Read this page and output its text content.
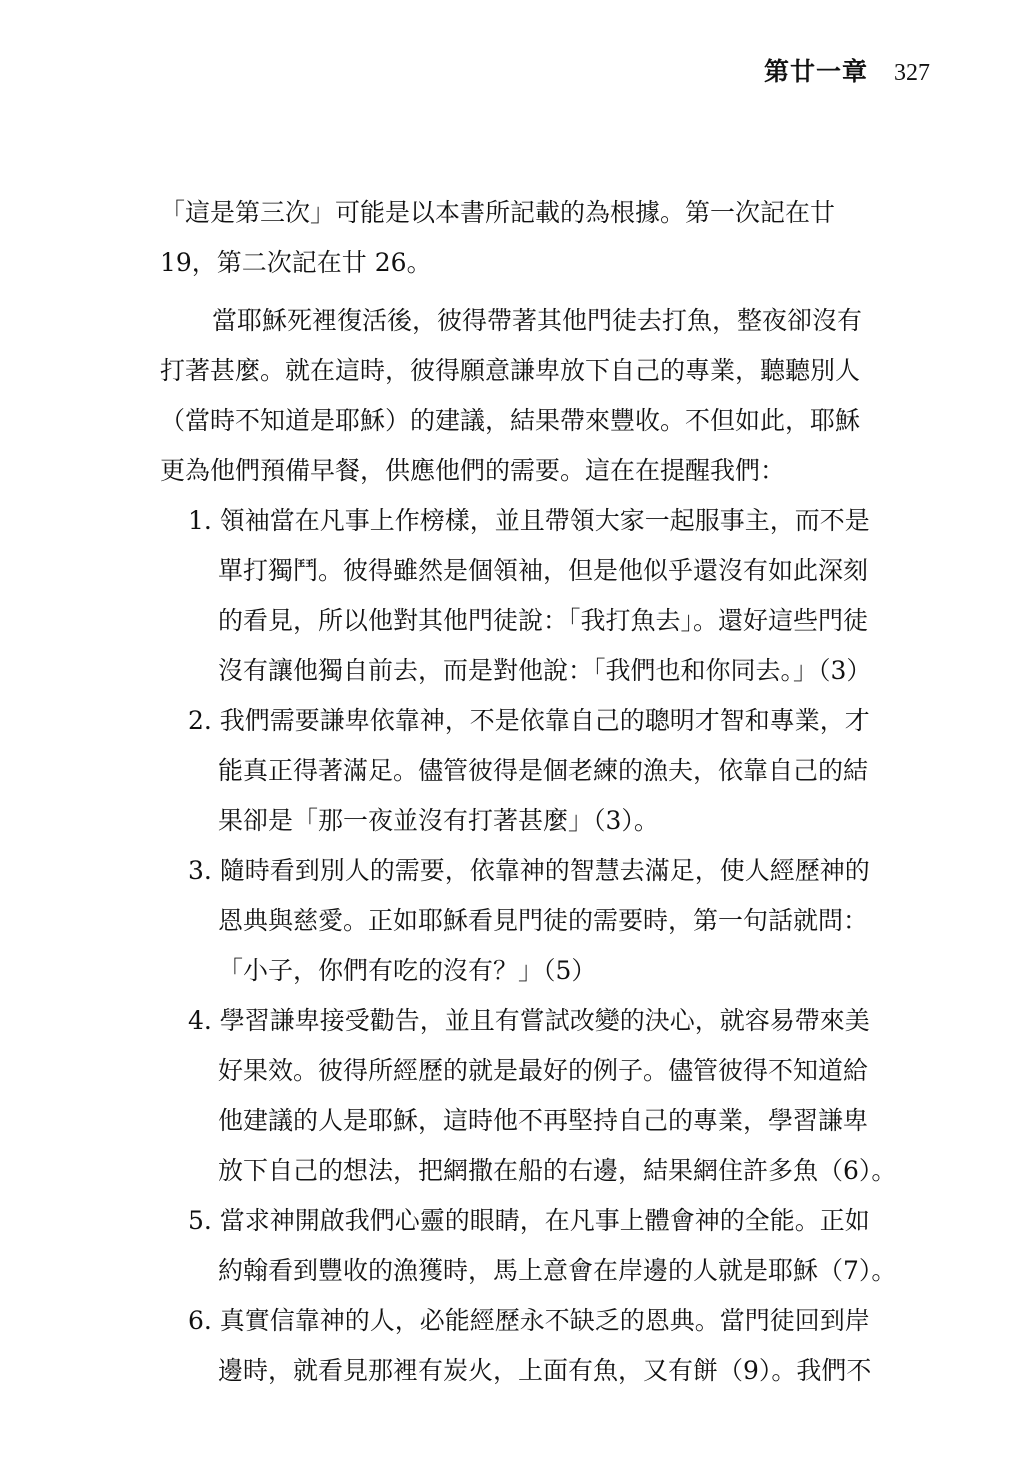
第廿一章 327
「這是第三次」可能是以本書所記載的為根據。第一次記在廿
19，第二次記在廿 26。
當耶穌死裡復活後，彼得帶著其他門徒去打魚，整夜卻沒有
打著甚麼。就在這時，彼得願意謙卑放下自己的專業，聽聽別人
（當時不知道是耶穌）的建議，結果帶來豐收。不但如此，耶穌
更為他們預備早餐，供應他們的需要。這在在提醒我們：
1. 領袖當在凡事上作榜樣，並且帶領大家一起服事主，而不是
單打獨鬥。彼得雖然是個領袖，但是他似乎還沒有如此深刻
的看見，所以他對其他門徒說：「我打魚去」。還好這些門徒
沒有讓他獨自前去，而是對他說：「我們也和你同去。」（3）
2. 我們需要謙卑依靠神，不是依靠自己的聰明才智和專業，才
能真正得著滿足。儘管彼得是個老練的漁夫，依靠自己的結
果卻是「那一夜並沒有打著甚麼」（3）。
3. 隨時看到別人的需要，依靠神的智慧去滿足，使人經歷神的
恩典與慈愛。正如耶穌看見門徒的需要時，第一句話就問：
「小子，你們有吃的沒有？」（5）
4. 學習謙卑接受勸告，並且有嘗試改變的決心，就容易帶來美
好果效。彼得所經歷的就是最好的例子。儘管彼得不知道給
他建議的人是耶穌，這時他不再堅持自己的專業，學習謙卑
放下自己的想法，把網撒在船的右邊，結果網住許多魚（6）。
5. 當求神開啟我們心靈的眼睛，在凡事上體會神的全能。正如
約翰看到豐收的漁獲時，馬上意會在岸邊的人就是耶穌（7）。
6. 真實信靠神的人，必能經歷永不缺乏的恩典。當門徒回到岸
邊時，就看見那裡有炭火，上面有魚，又有餅（9）。我們不
